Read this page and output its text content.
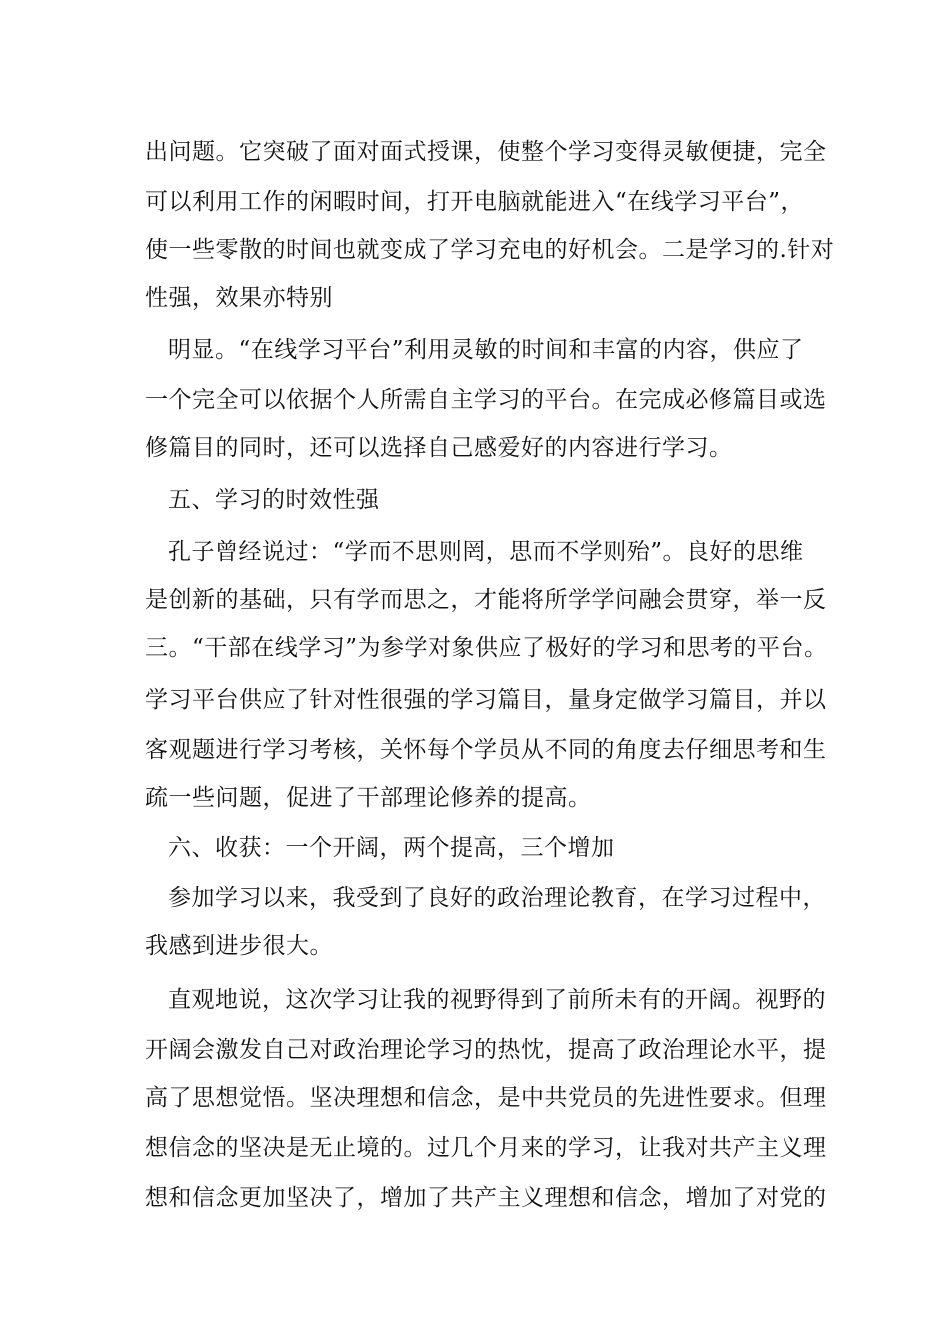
出问题。它突破了面对面式授课，使整个学习变得灵敏便捷，完全
可以利用工作的闲暇时间，打开电脑就能进入“在线学习平台”，
使一些零散的时间也就变成了学习充电的好机会。二是学习的.针对
性强，效果亦特别
明显。“在线学习平台”利用灵敏的时间和丰富的内容，供应了
一个完全可以依据个人所需自主学习的平台。在完成必修篇目或选
修篇目的同时，还可以选择自己感爱好的内容进行学习。
五、学习的时效性强
孔子曾经说过：“学而不思则罔，思而不学则殆”。良好的思维
是创新的基础，只有学而思之，才能将所学学问融会贯穿，举一反
三。“干部在线学习”为参学对象供应了极好的学习和思考的平台。
学习平台供应了针对性很强的学习篇目，量身定做学习篇目，并以
客观题进行学习考核，关怀每个学员从不同的角度去仔细思考和生
疏一些问题，促进了干部理论修养的提高。
六、收获：一个开阔，两个提高，三个增加
参加学习以来，我受到了良好的政治理论教育，在学习过程中，
我感到进步很大。
直观地说，这次学习让我的视野得到了前所未有的开阔。视野的
开阔会激发自己对政治理论学习的热忱，提高了政治理论水平，提
高了思想觉悟。坚决理想和信念，是中共党员的先进性要求。但理
想信念的坚决是无止境的。过几个月来的学习，让我对共产主义理
想和信念更加坚决了，增加了共产主义理想和信念，增加了对党的
